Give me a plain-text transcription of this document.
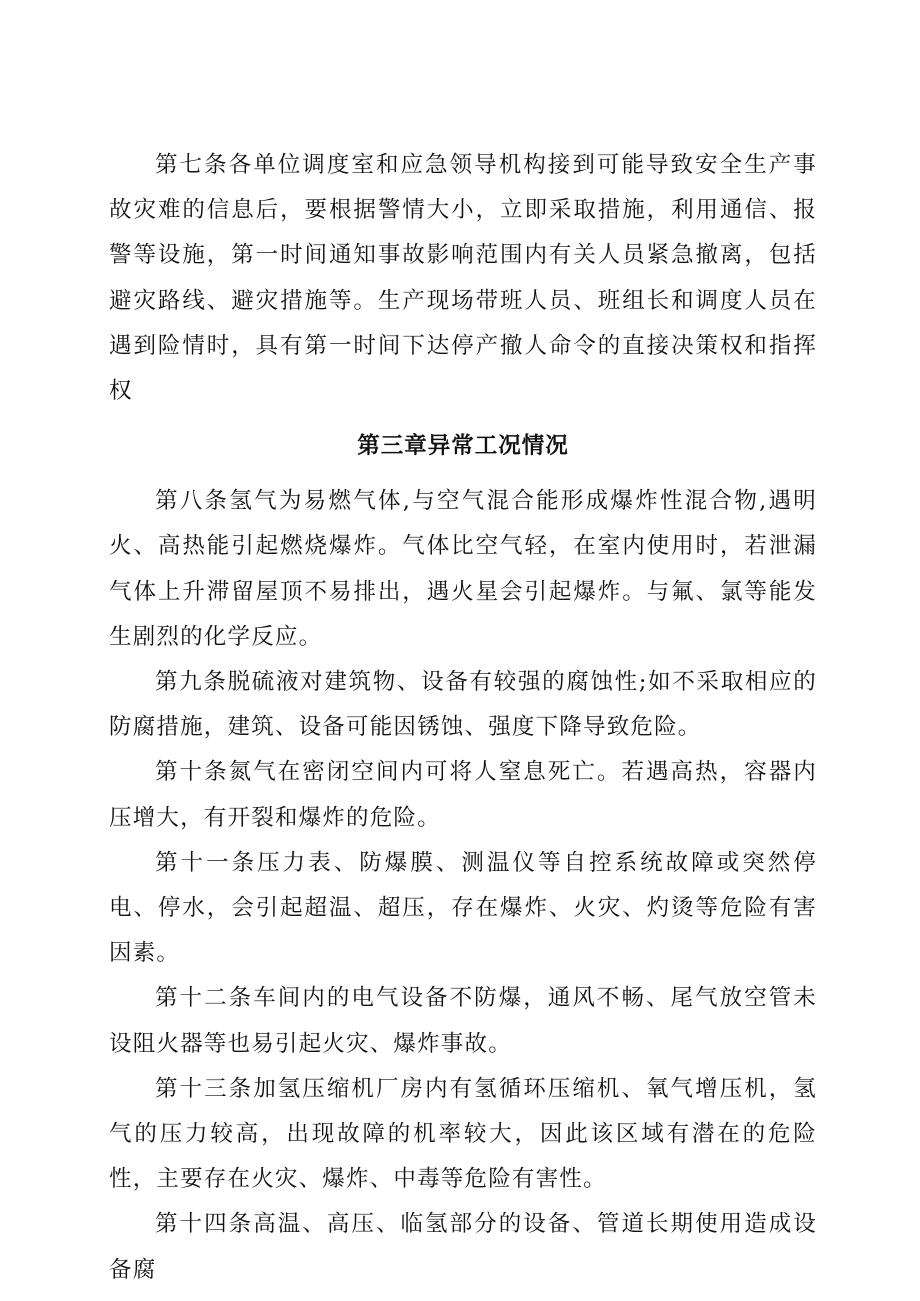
第七条各单位调度室和应急领导机构接到可能导致安全生产事故灾难的信息后，要根据警情大小，立即采取措施，利用通信、报警等设施，第一时间通知事故影响范围内有关人员紧急撤离，包括避灾路线、避灾措施等。生产现场带班人员、班组长和调度人员在遇到险情时，具有第一时间下达停产撤人命令的直接决策权和指挥权

第三章异常工况情况

第八条氢气为易燃气体,与空气混合能形成爆炸性混合物,遇明火、高热能引起燃烧爆炸。气体比空气轻，在室内使用时，若泄漏气体上升滞留屋顶不易排出，遇火星会引起爆炸。与氟、氯等能发生剧烈的化学反应。

第九条脱硫液对建筑物、设备有较强的腐蚀性;如不采取相应的防腐措施，建筑、设备可能因锈蚀、强度下降导致危险。

第十条氮气在密闭空间内可将人窒息死亡。若遇高热，容器内压增大，有开裂和爆炸的危险。

第十一条压力表、防爆膜、测温仪等自控系统故障或突然停电、停水，会引起超温、超压，存在爆炸、火灾、灼烫等危险有害因素。

第十二条车间内的电气设备不防爆，通风不畅、尾气放空管未设阻火器等也易引起火灾、爆炸事故。

第十三条加氢压缩机厂房内有氢循环压缩机、氧气增压机，氢气的压力较高，出现故障的机率较大，因此该区域有潜在的危险性，主要存在火灾、爆炸、中毒等危险有害性。

第十四条高温、高压、临氢部分的设备、管道长期使用造成设备腐
